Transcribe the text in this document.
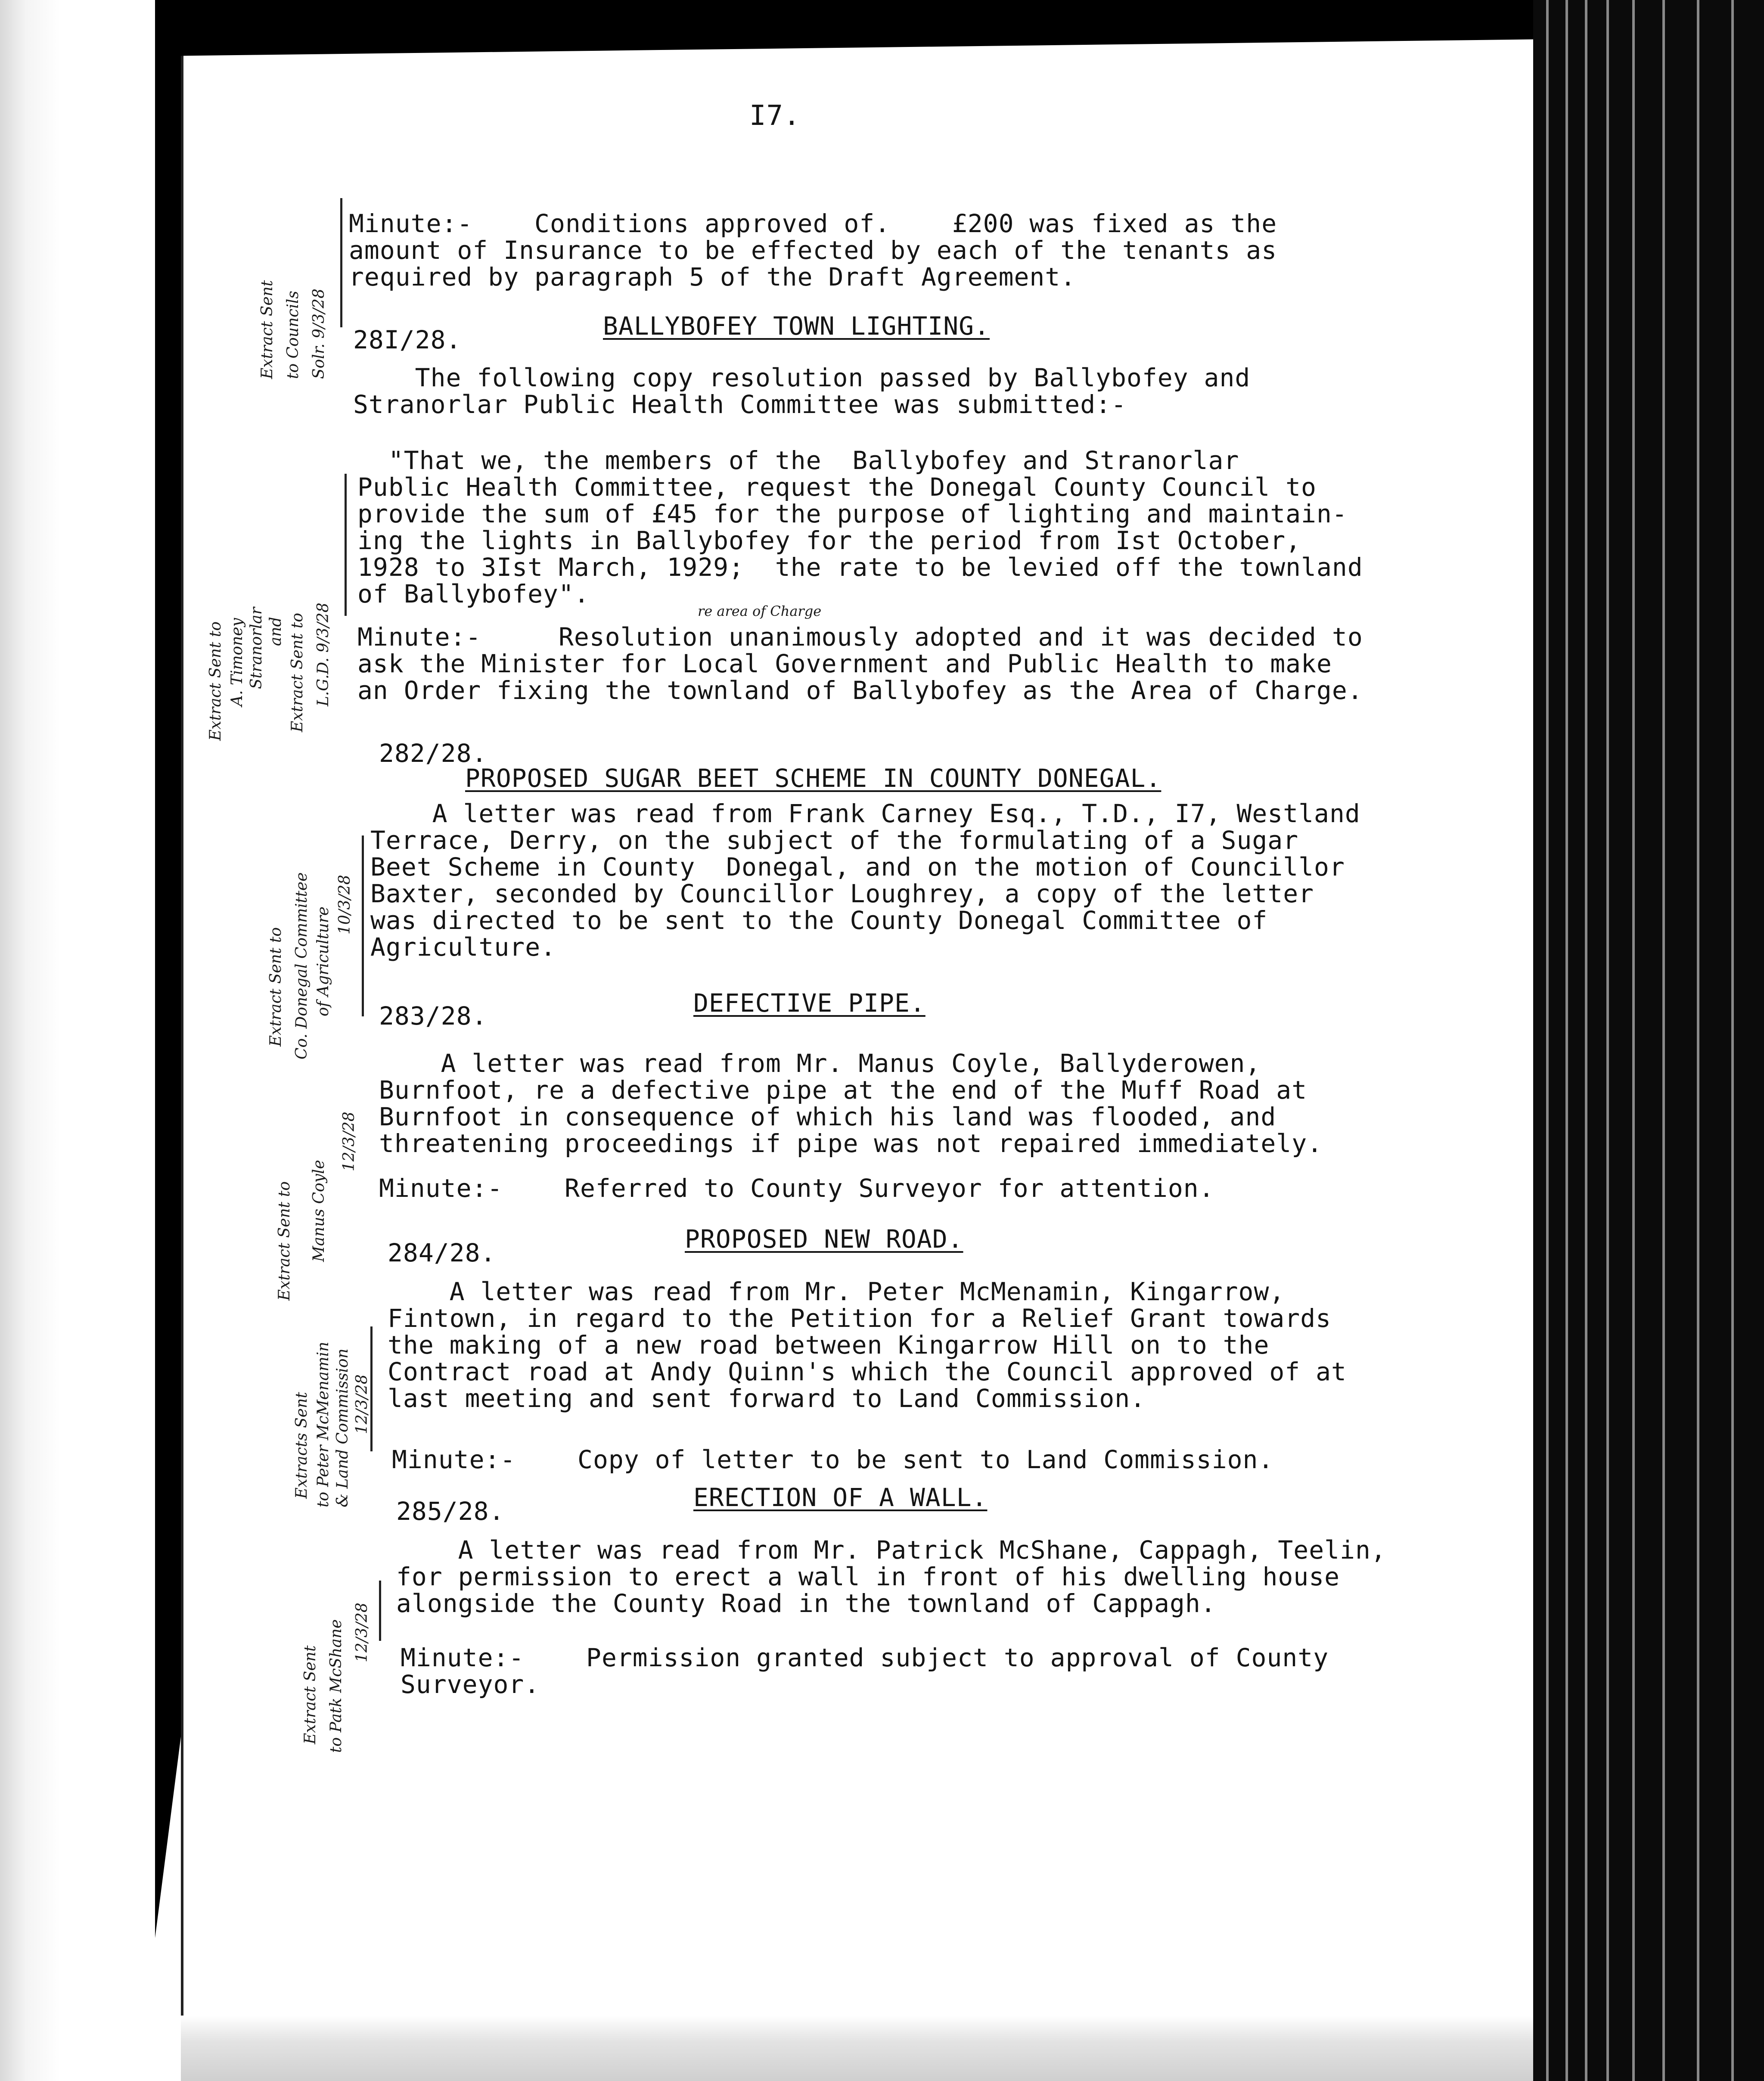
I7.
Extract Sent to Councils Solr. 9/3/28
Minute:-    Conditions approved of.    £200 was fixed as the
amount of Insurance to be effected by each of the tenants as
required by paragraph 5 of the Draft Agreement.
28I/28.	BALLYBOFEY TOWN LIGHTING.
The following copy resolution passed by Ballybofey and
Stranorlar Public Health Committee was submitted:-
"That we, the members of the  Ballybofey and Stranorlar
Public Health Committee, request the Donegal County Council to
provide the sum of £45 for the purpose of lighting and maintain-
ing the lights in Ballybofey for the period from Ist October,
1928 to 3Ist March, 1929;  the rate to be levied off the townland
of Ballybofey".
re area of Charge
Minute:-     Resolution unanimously adopted and it was decided to
ask the Minister for Local Government and Public Health to make
an Order fixing the townland of Ballybofey as the Area of Charge.
Extract Sent to A. Timoney Stranorlar and Extract Sent to L.G.D. 9/3/28
282/28.
PROPOSED SUGAR BEET SCHEME IN COUNTY DONEGAL.
A letter was read from Frank Carney Esq., T.D., I7, Westland
Terrace, Derry, on the subject of the formulating of a Sugar
Beet Scheme in County  Donegal, and on the motion of Councillor
Baxter, seconded by Councillor Loughrey, a copy of the letter
was directed to be sent to the County Donegal Committee of
Agriculture.
Extract Sent to Co. Donegal Committee of Agriculture
10/3/28
283/28.	DEFECTIVE PIPE.
A letter was read from Mr. Manus Coyle, Ballyderowen,
Burnfoot, re a defective pipe at the end of the Muff Road at
Burnfoot in consequence of which his land was flooded, and
threatening proceedings if pipe was not repaired immediately.
Minute:-    Referred to County Surveyor for attention.
Extract Sent to Manus Coyle
12/3/28
284/28.	PROPOSED NEW ROAD.
A letter was read from Mr. Peter McMenamin, Kingarrow,
Fintown, in regard to the Petition for a Relief Grant towards
the making of a new road between Kingarrow Hill on to the
Contract road at Andy Quinn's which the Council approved of at
last meeting and sent forward to Land Commission.
Minute:-    Copy of letter to be sent to Land Commission.
Extracts Sent to Peter McMenamin & Land Commission 12/3/28
285/28.	ERECTION OF A WALL.
A letter was read from Mr. Patrick McShane, Cappagh, Teelin,
for permission to erect a wall in front of his dwelling house
alongside the County Road in the townland of Cappagh.
Minute:-    Permission granted subject to approval of County
Surveyor.
Extract Sent to Patk McShane 12/3/28
